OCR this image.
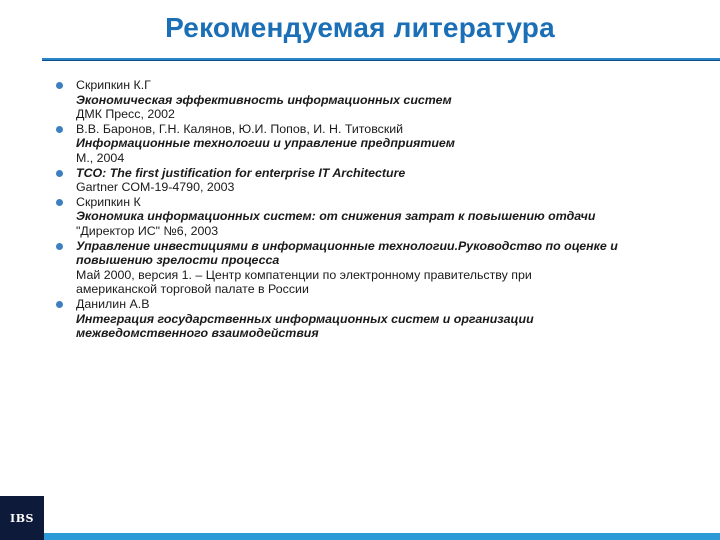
Рекомендуемая литература
Скрипкин К.Г
Экономическая эффективность информационных систем
ДМК Пресс, 2002
В.В. Баронов, Г.Н. Калянов, Ю.И. Попов, И. Н. Титовский
Информационные технологии и управление предприятием
М., 2004
TCO: The first justification for enterprise IT Architecture
Gartner COM-19-4790, 2003
Скрипкин К
Экономика информационных систем: от снижения затрат к повышению отдачи
"Директор ИС" №6, 2003
Управление инвестициями в информационные технологии.Руководство по оценке и
повышению зрелости процесса
Май 2000, версия 1. – Центр компатенции по электронному правительству при
американской торговой палате в России
Данилин А.В
Интеграция государственных информационных систем и организации
межведомственного взаимодействия
IBS
